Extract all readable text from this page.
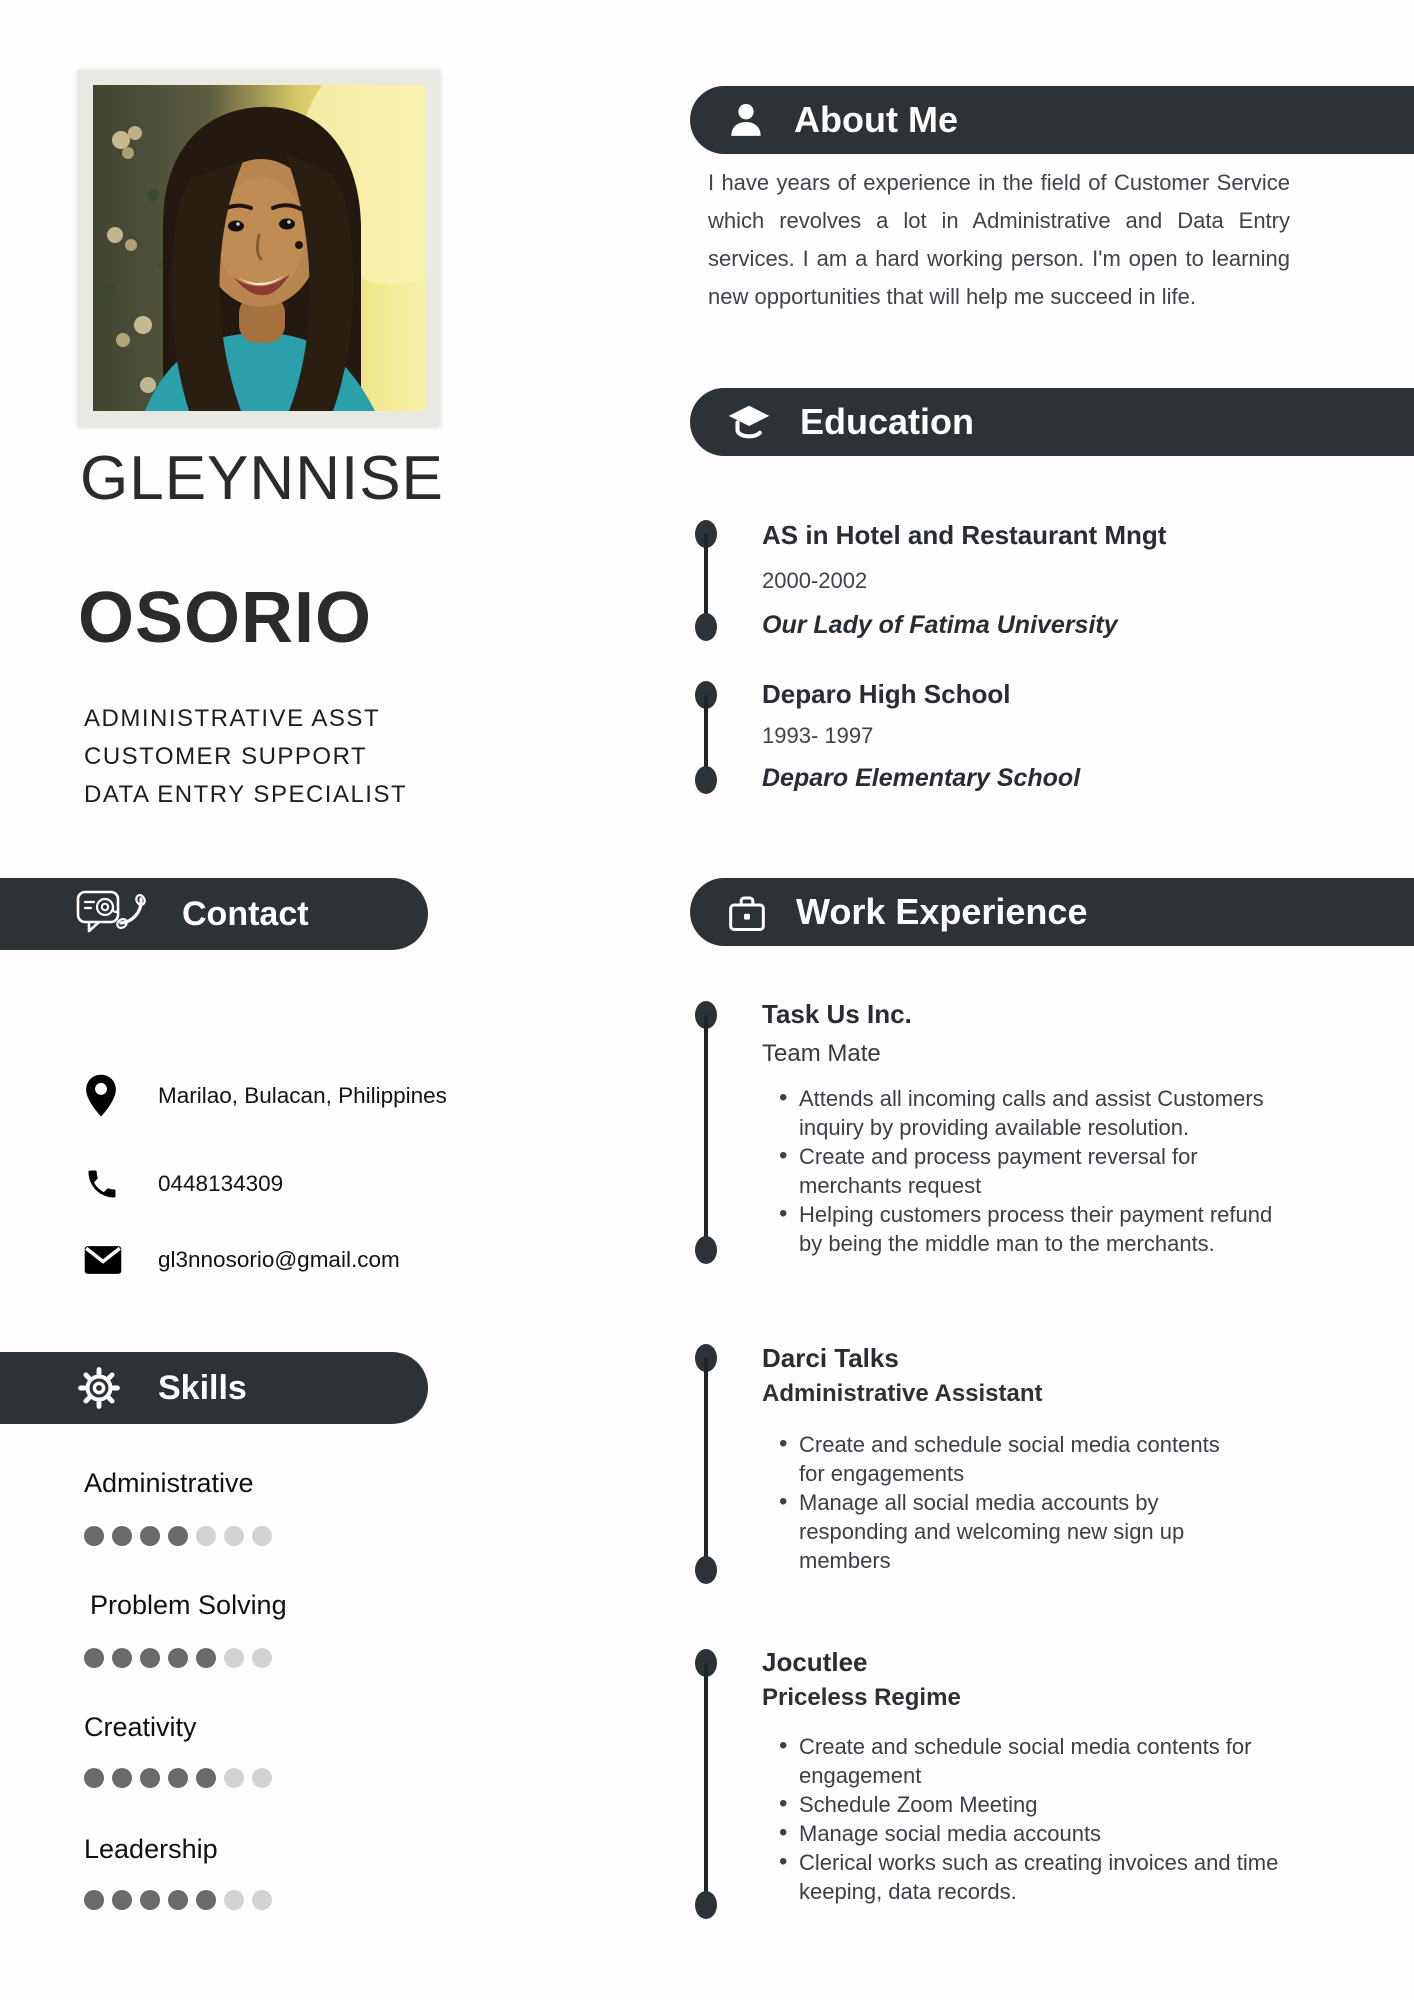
GLEYNNISE
OSORIO
ADMINISTRATIVE ASST
CUSTOMER SUPPORT
DATA ENTRY SPECIALIST
Contact
Marilao, Bulacan, Philippines
0448134309
gl3nnosorio@gmail.com
Skills
Administrative
Problem Solving
Creativity
Leadership
About Me
I have years of experience in the field of Customer Service which revolves a lot in Administrative and Data Entry services. I am a hard working person. I'm open to learning new opportunities that will help me succeed in life.
Education
AS in Hotel and Restaurant Mngt
2000-2002
Our Lady of Fatima University
Deparo High School
1993- 1997
Deparo Elementary School
Work Experience
Task Us Inc.
Team Mate
• Attends all incoming calls and assist Customers inquiry by providing available resolution.
• Create and process payment reversal for merchants request
• Helping customers process their payment refund by being the middle man to the merchants.
Darci Talks
Administrative Assistant
• Create and schedule social media contents for engagements
• Manage all social media accounts by responding and welcoming new sign up members
Jocutlee
Priceless Regime
• Create and schedule social media contents for engagement
• Schedule Zoom Meeting
• Manage social media accounts
• Clerical works such as creating invoices and time keeping, data records.
